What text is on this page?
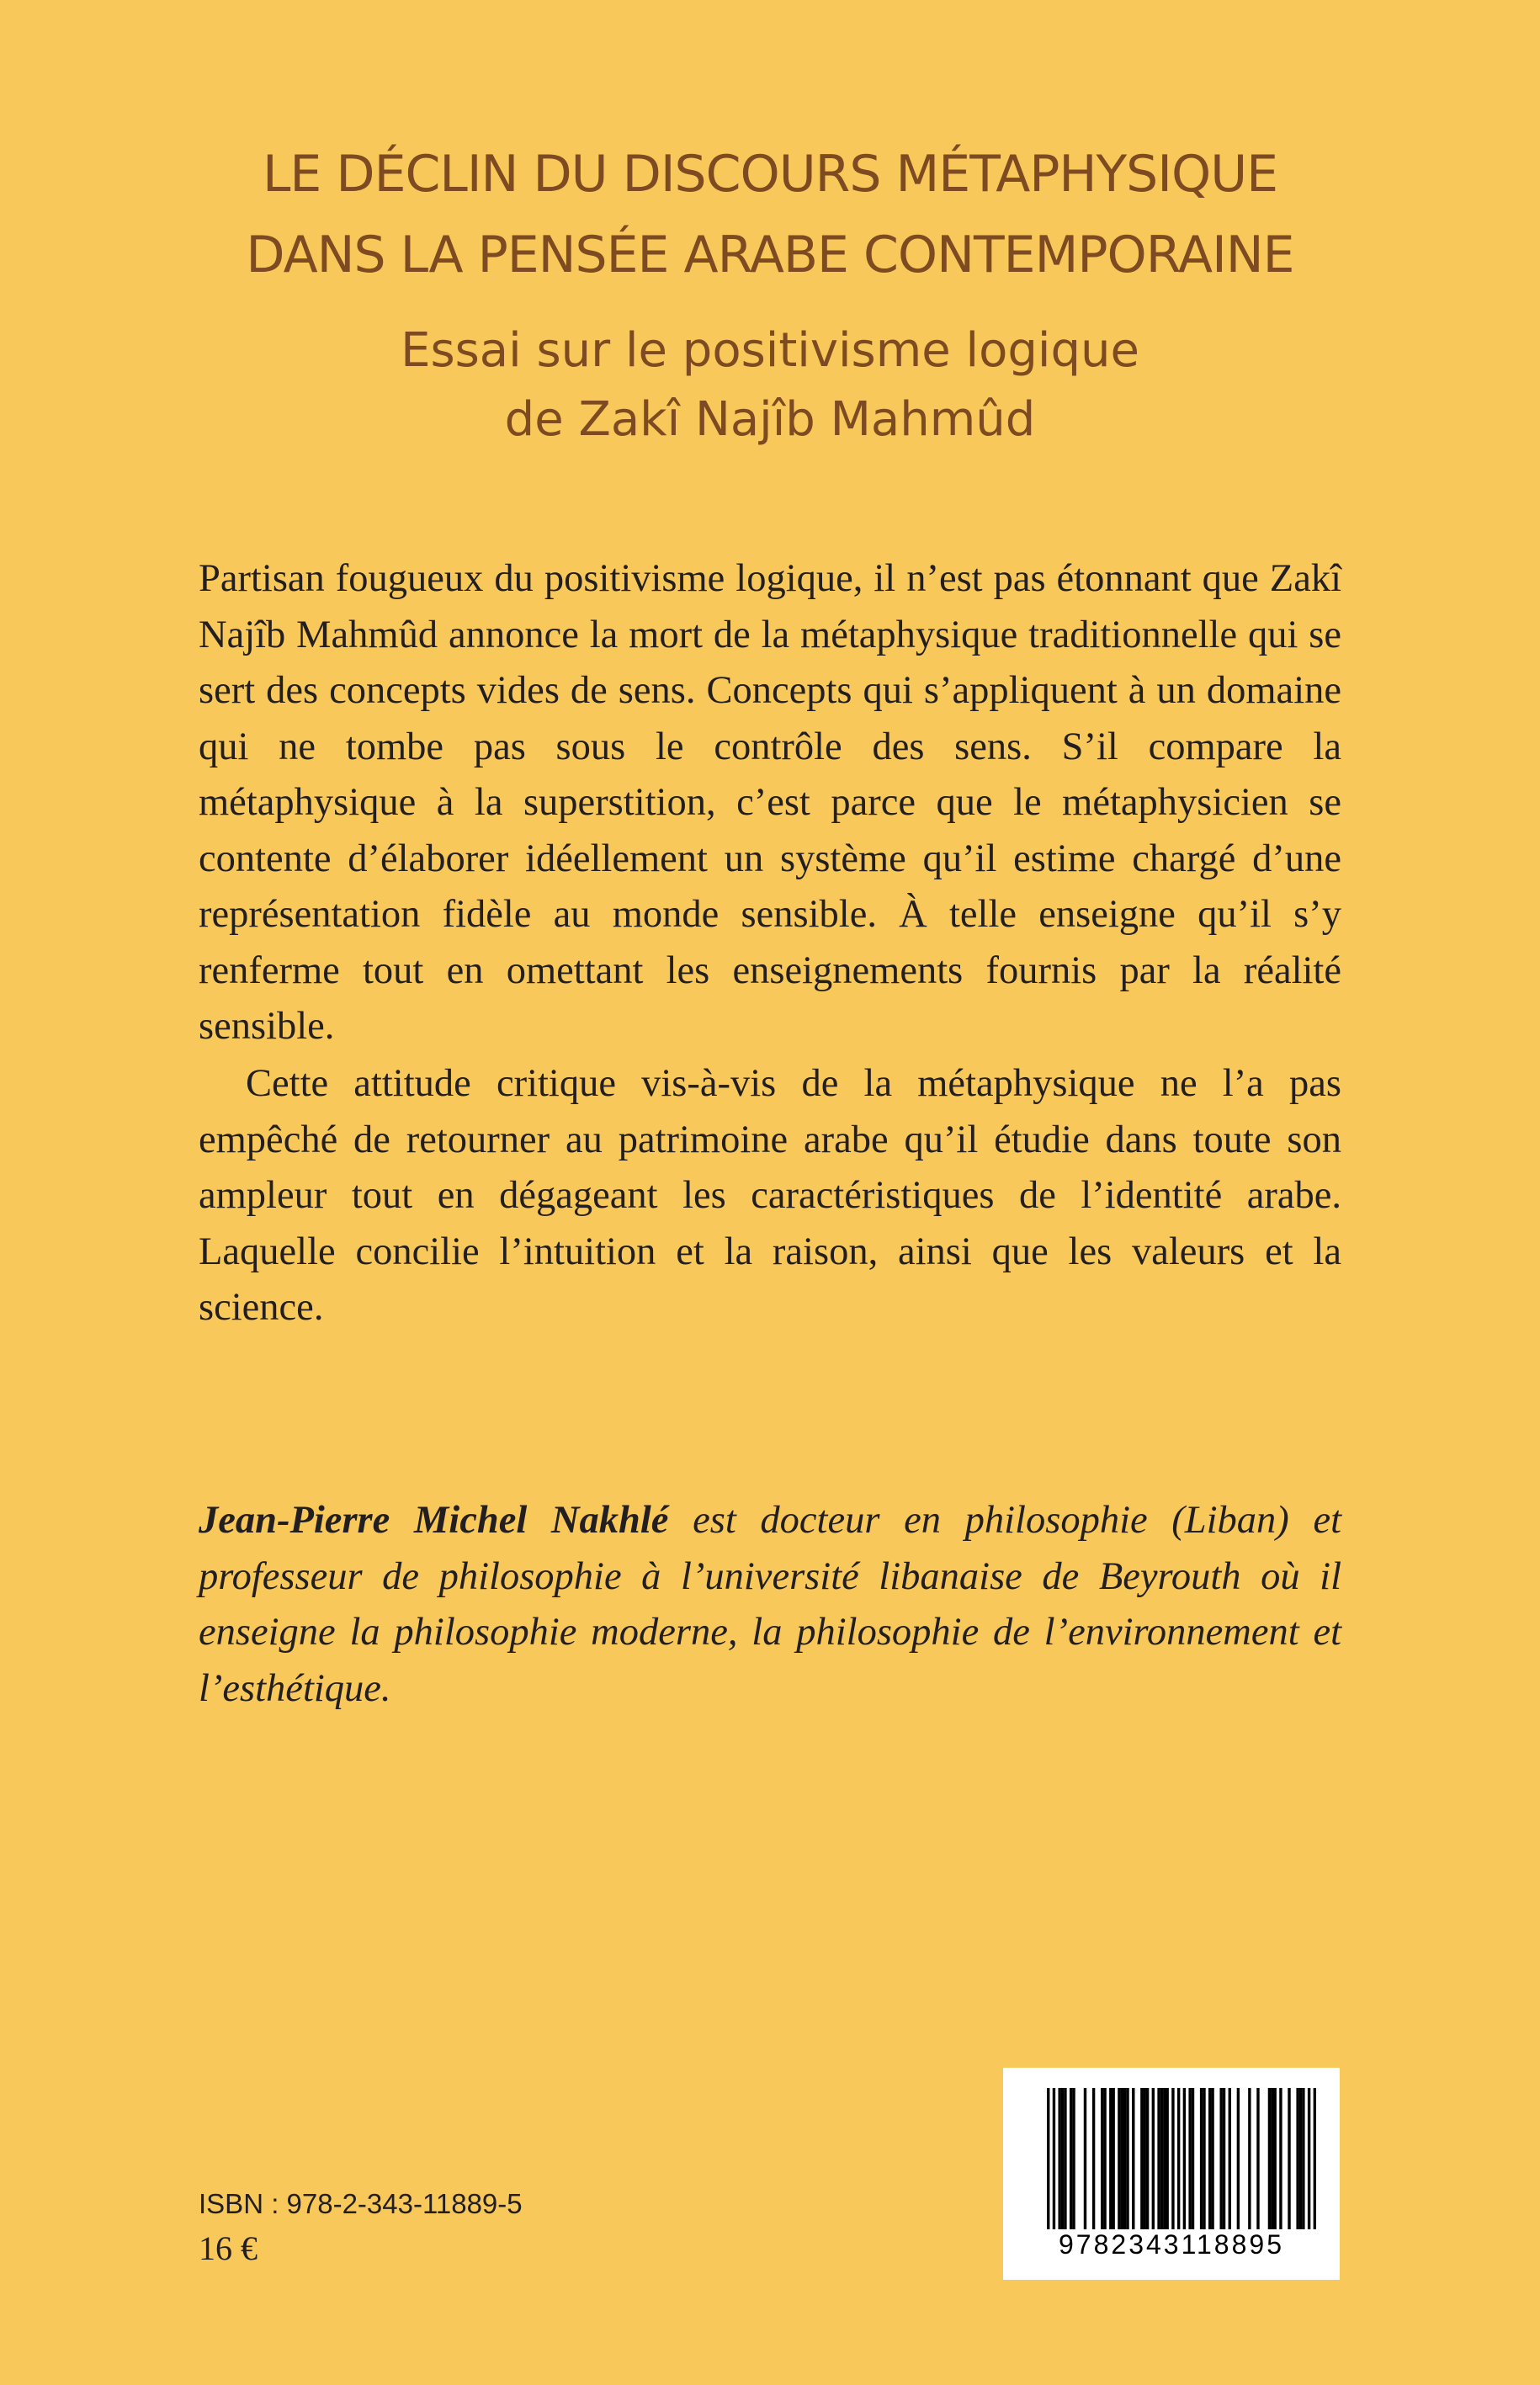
LE DÉCLIN DU DISCOURS MÉTAPHYSIQUE
DANS LA PENSÉE ARABE CONTEMPORAINE
Essai sur le positivisme logique
de Zakî Najîb Mahmûd

Partisan fougueux du positivisme logique, il n’est pas étonnant que Zakî Najîb Mahmûd annonce la mort de la métaphysique traditionnelle qui se sert des concepts vides de sens. Concepts qui s’appliquent à un domaine qui ne tombe pas sous le contrôle des sens. S’il compare la métaphysique à la superstition, c’est parce que le métaphysicien se contente d’élaborer idéellement un système qu’il estime chargé d’une représentation fidèle au monde sensible. À telle enseigne qu’il s’y renferme tout en omettant les enseignements fournis par la réalité sensible.

Cette attitude critique vis-à-vis de la métaphysique ne l’a pas empêché de retourner au patrimoine arabe qu’il étudie dans toute son ampleur tout en dégageant les caractéristiques de l’identité arabe. Laquelle concilie l’intuition et la raison, ainsi que les valeurs et la science.

Jean-Pierre Michel Nakhlé est docteur en philosophie (Liban) et professeur de philosophie à l’université libanaise de Beyrouth où il enseigne la philosophie moderne, la philosophie de l’environnement et l’esthétique.

ISBN : 978-2-343-11889-5
16 €	9782343118895
